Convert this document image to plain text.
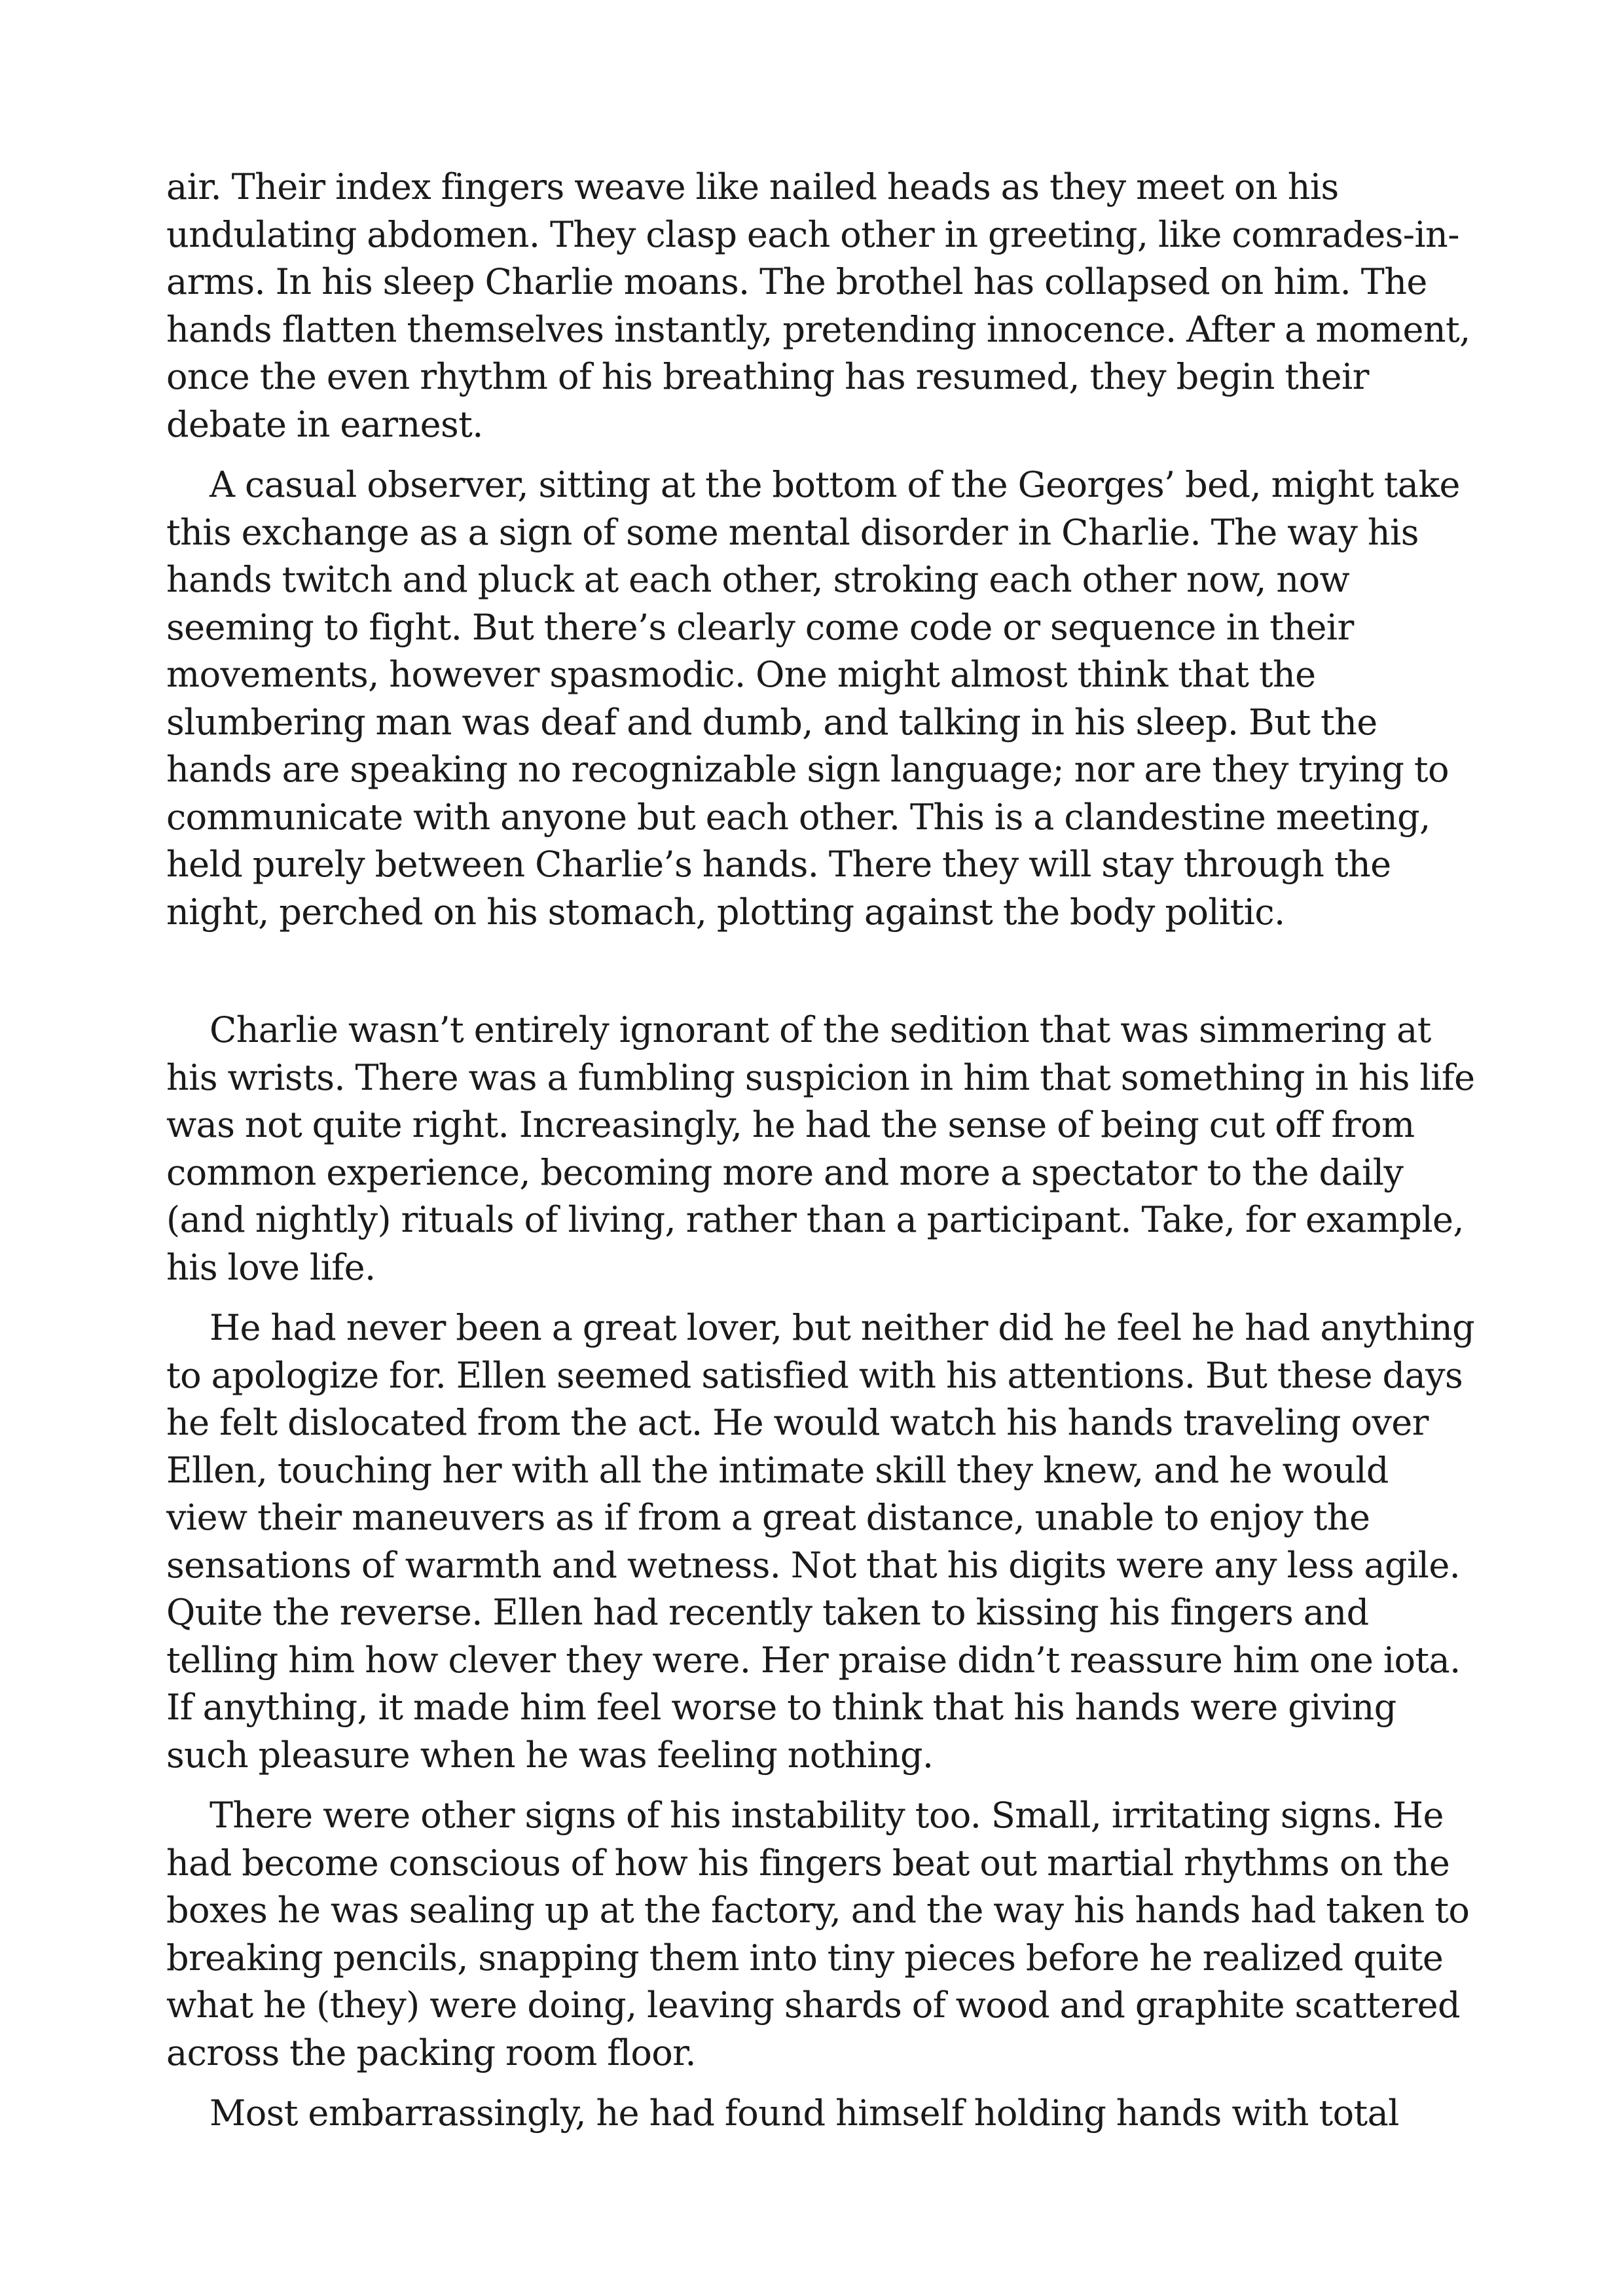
air. Their index fingers weave like nailed heads as they meet on his undulating abdomen. They clasp each other in greeting, like comrades-in-arms. In his sleep Charlie moans. The brothel has collapsed on him. The hands flatten themselves instantly, pretending innocence. After a moment, once the even rhythm of his breathing has resumed, they begin their debate in earnest.

A casual observer, sitting at the bottom of the Georges’ bed, might take this exchange as a sign of some mental disorder in Charlie. The way his hands twitch and pluck at each other, stroking each other now, now seeming to fight. But there’s clearly come code or sequence in their movements, however spasmodic. One might almost think that the slumbering man was deaf and dumb, and talking in his sleep. But the hands are speaking no recognizable sign language; nor are they trying to communicate with anyone but each other. This is a clandestine meeting, held purely between Charlie’s hands. There they will stay through the night, perched on his stomach, plotting against the body politic.

Charlie wasn’t entirely ignorant of the sedition that was simmering at his wrists. There was a fumbling suspicion in him that something in his life was not quite right. Increasingly, he had the sense of being cut off from common experience, becoming more and more a spectator to the daily (and nightly) rituals of living, rather than a participant. Take, for example, his love life.

He had never been a great lover, but neither did he feel he had anything to apologize for. Ellen seemed satisfied with his attentions. But these days he felt dislocated from the act. He would watch his hands traveling over Ellen, touching her with all the intimate skill they knew, and he would view their maneuvers as if from a great distance, unable to enjoy the sensations of warmth and wetness. Not that his digits were any less agile. Quite the reverse. Ellen had recently taken to kissing his fingers and telling him how clever they were. Her praise didn’t reassure him one iota. If anything, it made him feel worse to think that his hands were giving such pleasure when he was feeling nothing.

There were other signs of his instability too. Small, irritating signs. He had become conscious of how his fingers beat out martial rhythms on the boxes he was sealing up at the factory, and the way his hands had taken to breaking pencils, snapping them into tiny pieces before he realized quite what he (they) were doing, leaving shards of wood and graphite scattered across the packing room floor.

Most embarrassingly, he had found himself holding hands with total
